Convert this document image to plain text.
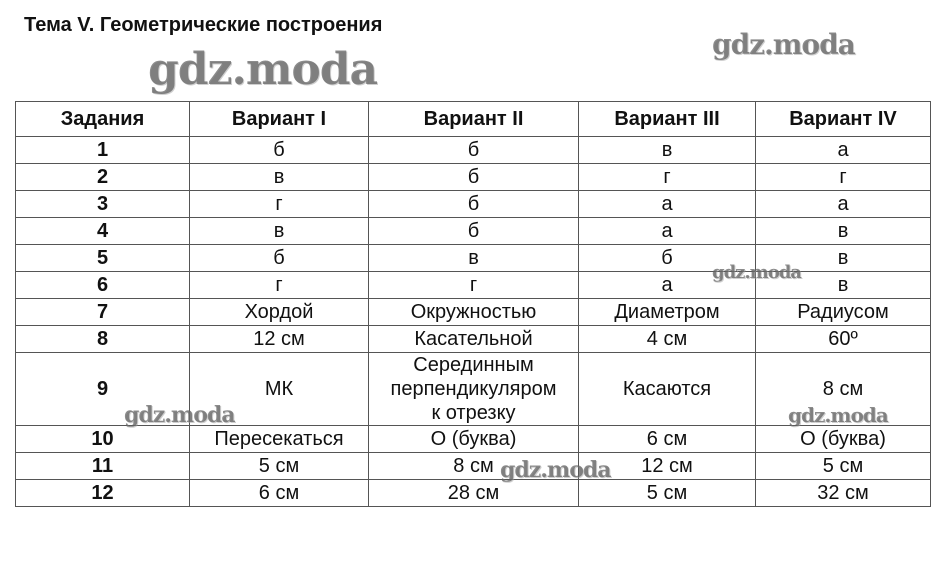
Тема V. Геометрические построения
Задания	Вариант I	Вариант II	Вариант III	Вариант IV
1	б	б	в	а
2	в	б	г	г
3	г	б	а	а
4	в	б	а	в
5	б	в	б	в
6	г	г	а	в
7	Хордой	Окружностью	Диаметром	Радиусом
8	12 см	Касательной	4 см	60º
9	МК	Серединным
перпендикуляром
к отрезку	Касаются	8 см
10	Пересекаться	О (буква)	6 см	О (буква)
11	5 см	8 см	12 см	5 см
12	6 см	28 см	5 см	32 см
gdz.moda	gdz.moda
gdz.moda
gdz.moda	gdz.moda
gdz.moda
